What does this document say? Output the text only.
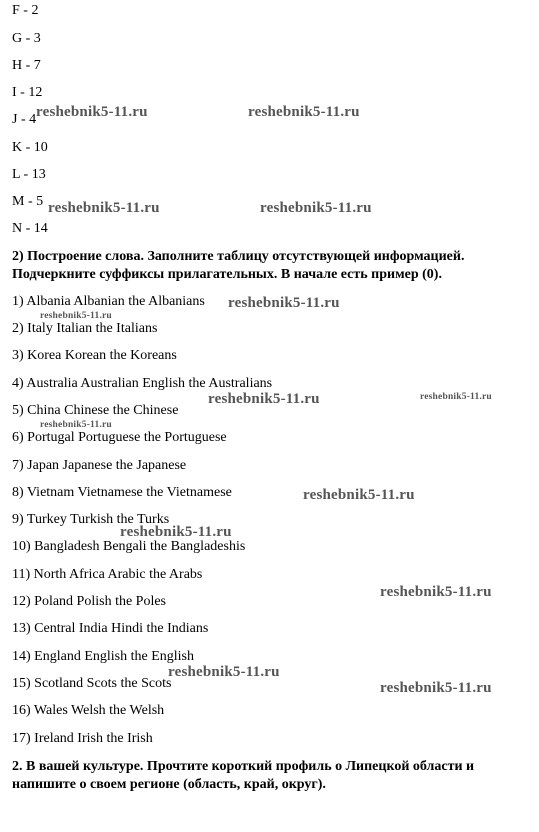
F - 2
G - 3
H - 7
I - 12
J - 4
K - 10
L - 13
M - 5
N - 14
2) Построение слова. Заполните таблицу отсутствующей информацией.
Подчеркните суффиксы прилагательных. В начале есть пример (0).
1) Albania Albanian the Albanians
2) Italy Italian the Italians
3) Korea Korean the Koreans
4) Australia Australian English the Australians
5) China Chinese the Chinese
6) Portugal Portuguese the Portuguese
7) Japan Japanese the Japanese
8) Vietnam Vietnamese the Vietnamese
9) Turkey Turkish the Turks
10) Bangladesh Bengali the Bangladeshis
11) North Africa Arabic the Arabs
12) Poland Polish the Poles
13) Central India Hindi the Indians
14) England English the English
15) Scotland Scots the Scots
16) Wales Welsh the Welsh
17) Ireland Irish the Irish
2. В вашей культуре. Прочтите короткий профиль о Липецкой области и
напишите о своем регионе (область, край, округ).
reshebnik5-11.ru	reshebnik5-11.ru
reshebnik5-11.ru	reshebnik5-11.ru
reshebnik5-11.ru
reshebnik5-11.ru
reshebnik5-11.ru	reshebnik5-11.ru
reshebnik5-11.ru
reshebnik5-11.ru
reshebnik5-11.ru
reshebnik5-11.ru
reshebnik5-11.ru
reshebnik5-11.ru
